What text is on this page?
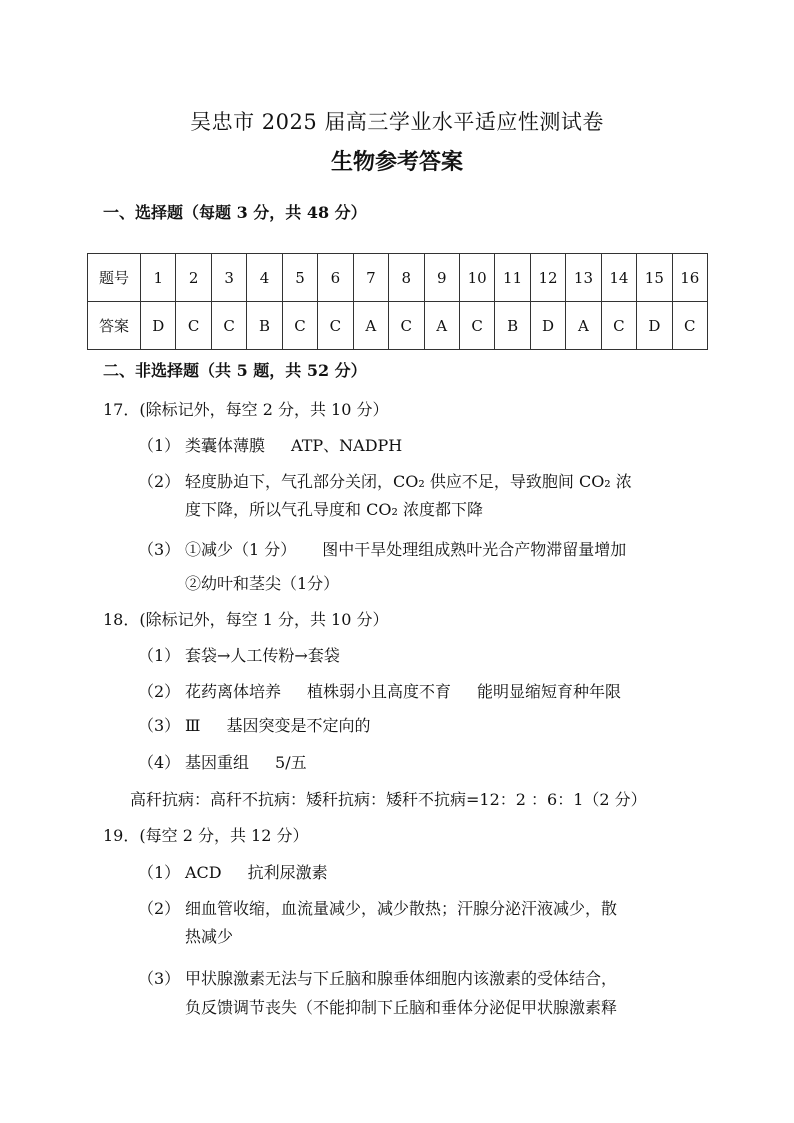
吴忠市 2025 届高三学业水平适应性测试卷
生物参考答案
一、选择题（每题 3 分，共 48 分）
题号	1	2	3	4	5	6	7	8	9	10	11	12	13	14	15	16
答案	D	C	C	B	C	C	A	C	A	C	B	D	A	C	D	C
二、非选择题（共 5 题，共 52 分）
17．(除标记外，每空 2 分，共 10 分）
（1） 类囊体薄膜 ATP、NADPH
（2） 轻度胁迫下，气孔部分关闭，CO₂ 供应不足，导致胞间 CO₂ 浓
度下降，所以气孔导度和 CO₂ 浓度都下降
（3） ①减少（1 分） 图中干旱处理组成熟叶光合产物滞留量增加
②幼叶和茎尖（1分）
18．(除标记外，每空 1 分，共 10 分）
（1） 套袋→人工传粉→套袋
（2） 花药离体培养 植株弱小且高度不育 能明显缩短育种年限
（3） Ⅲ 基因突变是不定向的
（4） 基因重组 5/五
高秆抗病：高秆不抗病：矮秆抗病：矮秆不抗病=12：2 ：6：1（2 分）
19．(每空 2 分，共 12 分）
（1） ACD 抗利尿激素
（2） 细血管收缩，血流量减少，减少散热；汗腺分泌汗液减少，散
热减少
（3） 甲状腺激素无法与下丘脑和腺垂体细胞内该激素的受体结合，
负反馈调节丧失（不能抑制下丘脑和垂体分泌促甲状腺激素释
